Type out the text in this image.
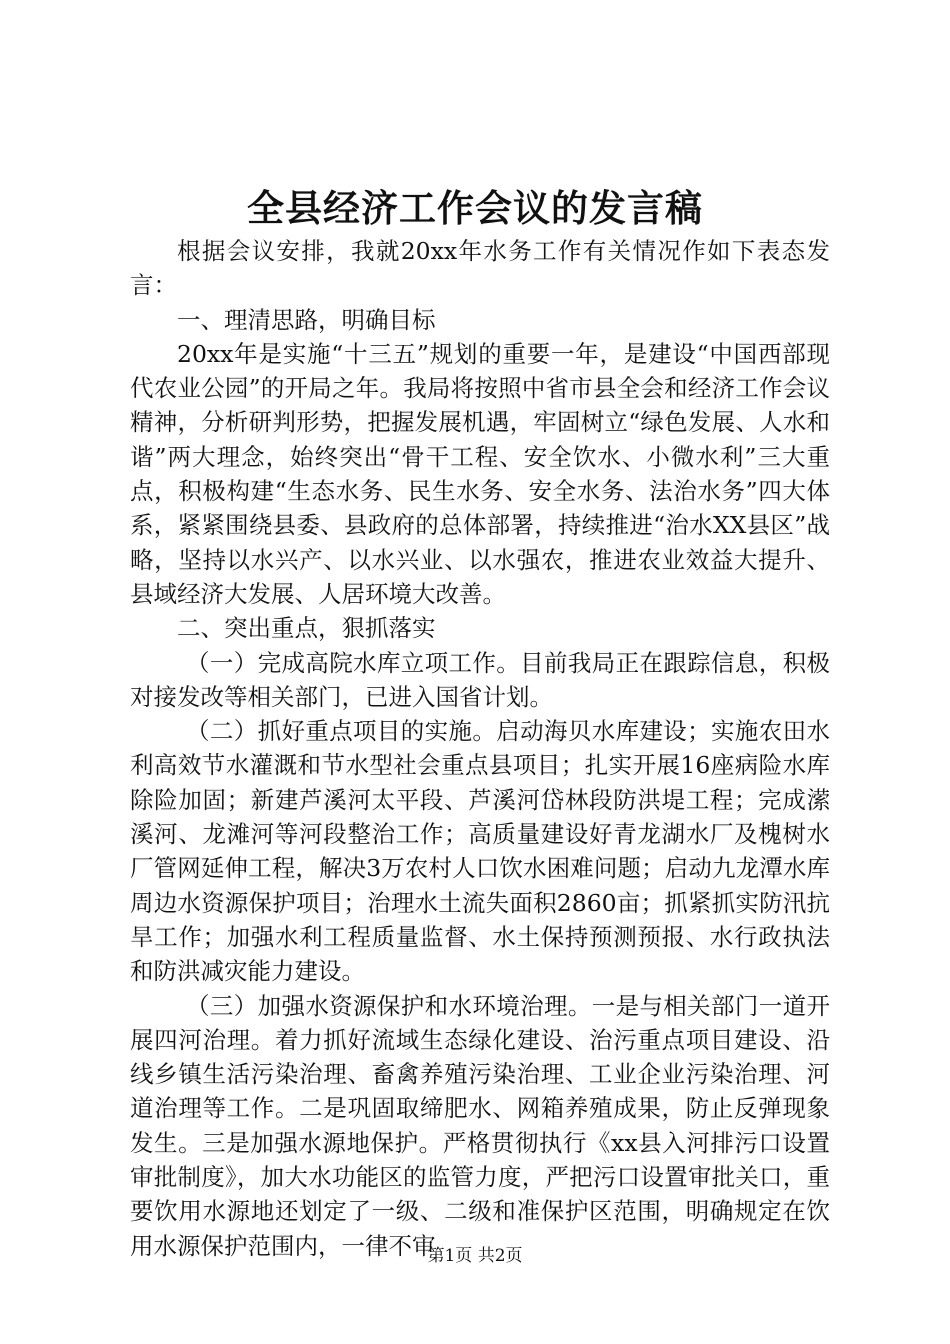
全县经济工作会议的发言稿

根据会议安排，我就20xx年水务工作有关情况作如下表态发言：

一、理清思路，明确目标

20xx年是实施“十三五”规划的重要一年，是建设“中国西部现代农业公园”的开局之年。我局将按照中省市县全会和经济工作会议精神，分析研判形势，把握发展机遇，牢固树立“绿色发展、人水和谐”两大理念，始终突出“骨干工程、安全饮水、小微水利”三大重点，积极构建“生态水务、民生水务、安全水务、法治水务”四大体系，紧紧围绕县委、县政府的总体部署，持续推进“治水XX县区”战略，坚持以水兴产、以水兴业、以水强农，推进农业效益大提升、县域经济大发展、人居环境大改善。

二、突出重点，狠抓落实

（一）完成高院水库立项工作。目前我局正在跟踪信息，积极对接发改等相关部门，已进入国省计划。

（二）抓好重点项目的实施。启动海贝水库建设；实施农田水利高效节水灌溉和节水型社会重点县项目；扎实开展16座病险水库除险加固；新建芦溪河太平段、芦溪河岱林段防洪堤工程；完成潆溪河、龙滩河等河段整治工作；高质量建设好青龙湖水厂及槐树水厂管网延伸工程，解决3万农村人口饮水困难问题；启动九龙潭水库周边水资源保护项目；治理水土流失面积2860亩；抓紧抓实防汛抗旱工作；加强水利工程质量监督、水土保持预测预报、水行政执法和防洪减灾能力建设。

（三）加强水资源保护和水环境治理。一是与相关部门一道开展四河治理。着力抓好流域生态绿化建设、治污重点项目建设、沿线乡镇生活污染治理、畜禽养殖污染治理、工业企业污染治理、河道治理等工作。二是巩固取缔肥水、网箱养殖成果，防止反弹现象发生。三是加强水源地保护。严格贯彻执行《xx县入河排污口设置审批制度》，加大水功能区的监管力度，严把污口设置审批关口，重要饮用水源地还划定了一级、二级和准保护区范围，明确规定在饮用水源保护范围内，一律不审

第1页 共2页
